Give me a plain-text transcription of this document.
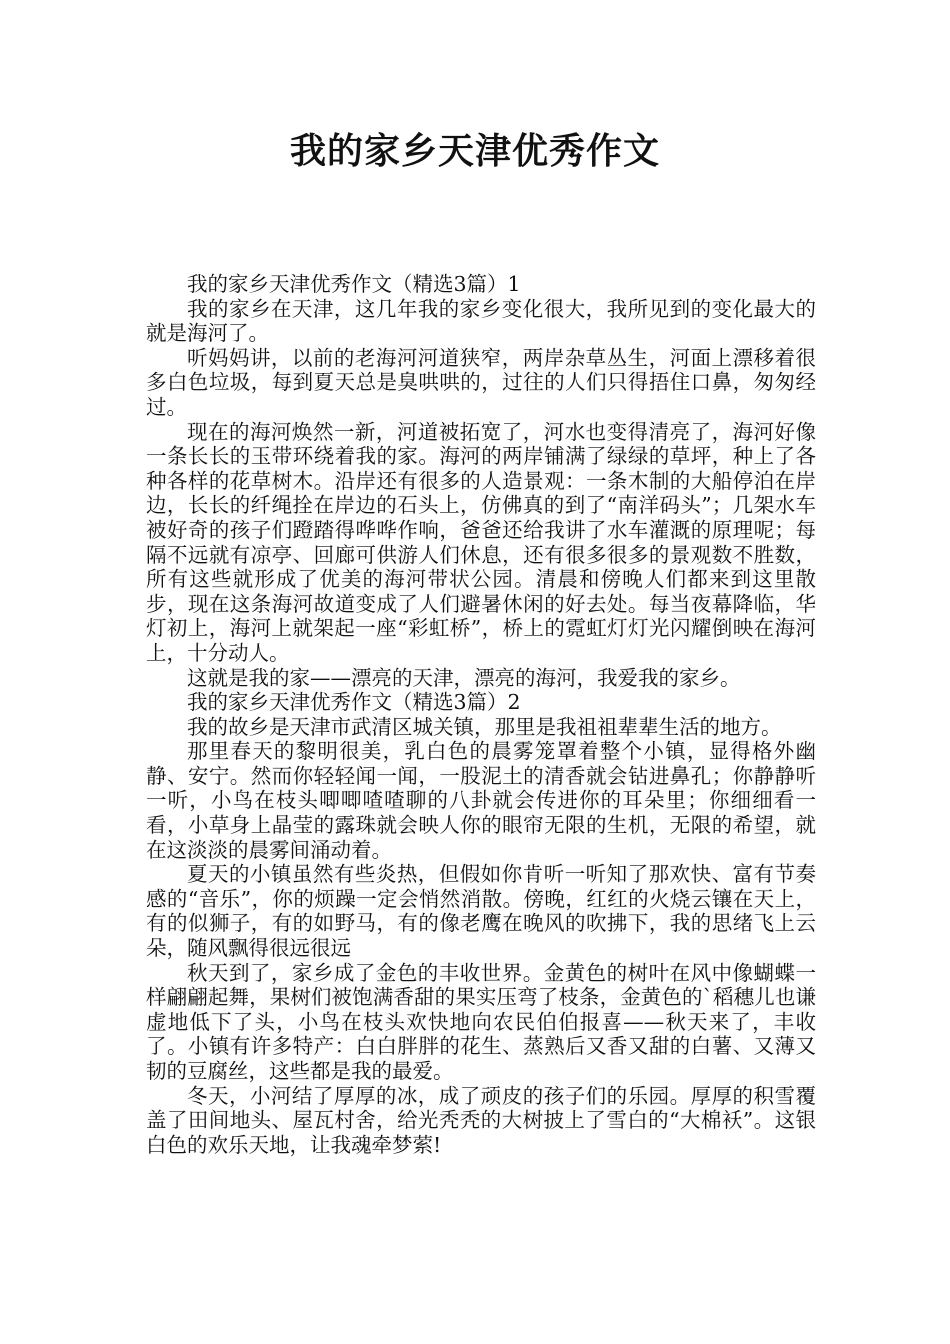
我的家乡天津优秀作文

我的家乡天津优秀作文（精选3篇）1

我的家乡在天津，这几年我的家乡变化很大，我所见到的变化最大的就是海河了。

听妈妈讲，以前的老海河河道狭窄，两岸杂草丛生，河面上漂移着很多白色垃圾，每到夏天总是臭哄哄的，过往的人们只得捂住口鼻，匆匆经过。

现在的海河焕然一新，河道被拓宽了，河水也变得清亮了，海河好像一条长长的玉带环绕着我的家。海河的两岸铺满了绿绿的草坪，种上了各种各样的花草树木。沿岸还有很多的人造景观：一条木制的大船停泊在岸边，长长的纤绳拴在岸边的石头上，仿佛真的到了“南洋码头”；几架水车被好奇的孩子们蹬踏得哗哗作响，爸爸还给我讲了水车灌溉的原理呢；每隔不远就有凉亭、回廊可供游人们休息，还有很多很多的景观数不胜数，所有这些就形成了优美的海河带状公园。清晨和傍晚人们都来到这里散步，现在这条海河故道变成了人们避暑休闲的好去处。每当夜幕降临，华灯初上，海河上就架起一座“彩虹桥”，桥上的霓虹灯灯光闪耀倒映在海河上，十分动人。

这就是我的家——漂亮的天津，漂亮的海河，我爱我的家乡。

我的家乡天津优秀作文（精选3篇）2

我的故乡是天津市武清区城关镇，那里是我祖祖辈辈生活的地方。

那里春天的黎明很美，乳白色的晨雾笼罩着整个小镇，显得格外幽静、安宁。然而你轻轻闻一闻，一股泥土的清香就会钻进鼻孔；你静静听一听，小鸟在枝头唧唧喳喳聊的八卦就会传进你的耳朵里；你细细看一看，小草身上晶莹的露珠就会映人你的眼帘无限的生机，无限的希望，就在这淡淡的晨雾间涌动着。

夏天的小镇虽然有些炎热，但假如你肯听一听知了那欢快、富有节奏感的“音乐”，你的烦躁一定会悄然消散。傍晚，红红的火烧云镶在天上，有的似狮子，有的如野马，有的像老鹰在晚风的吹拂下，我的思绪飞上云朵，随风飘得很远很远

秋天到了，家乡成了金色的丰收世界。金黄色的树叶在风中像蝴蝶一样翩翩起舞，果树们被饱满香甜的果实压弯了枝条，金黄色的`稻穗儿也谦虚地低下了头，小鸟在枝头欢快地向农民伯伯报喜——秋天来了，丰收了。小镇有许多特产：白白胖胖的花生、蒸熟后又香又甜的白薯、又薄又韧的豆腐丝，这些都是我的最爱。

冬天，小河结了厚厚的冰，成了顽皮的孩子们的乐园。厚厚的积雪覆盖了田间地头、屋瓦村舍，给光秃秃的大树披上了雪白的“大棉袄”。这银白色的欢乐天地，让我魂牵梦萦!
